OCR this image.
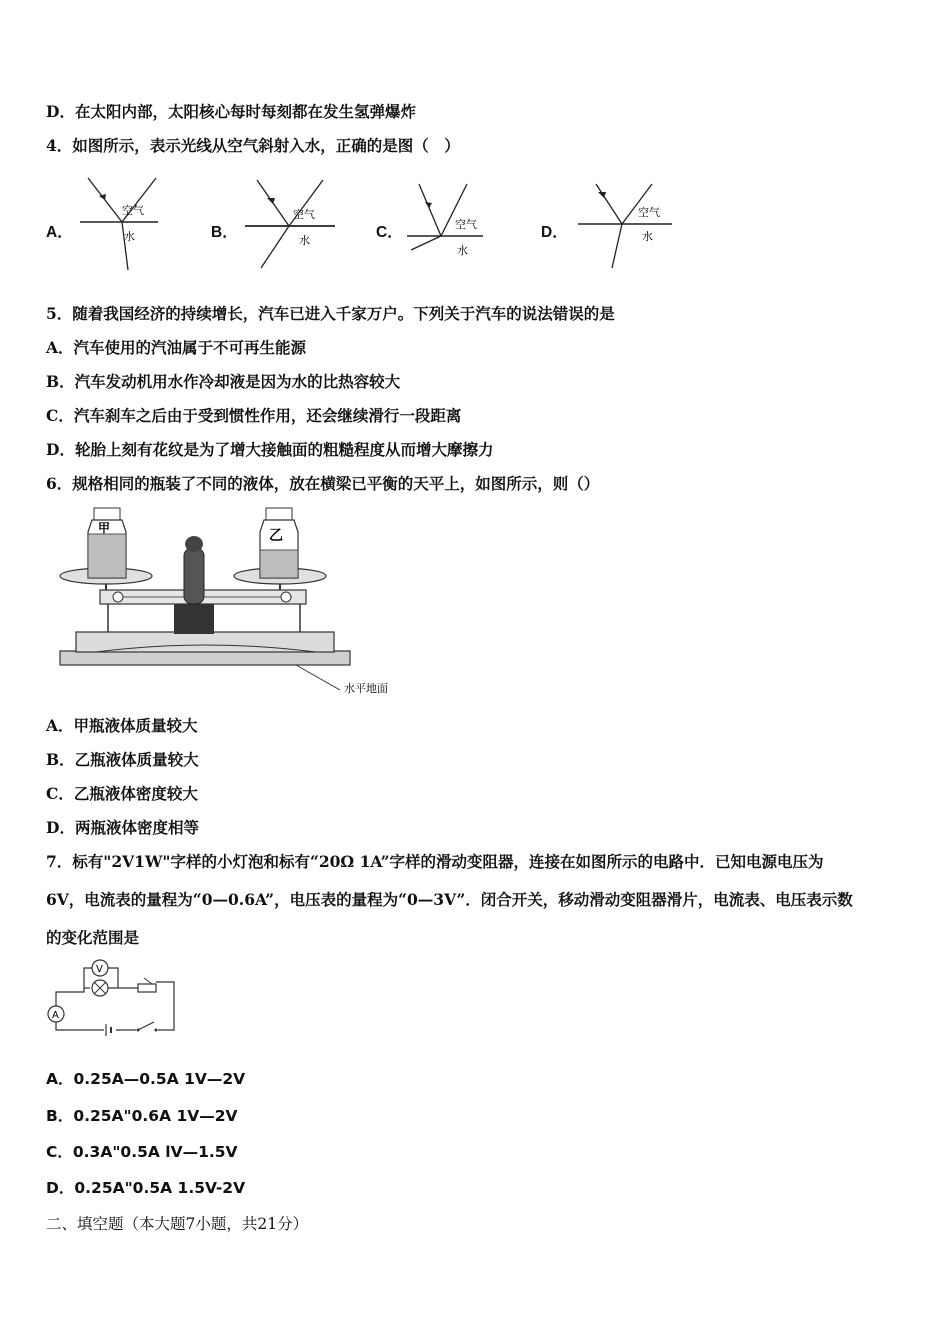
D．在太阳内部，太阳核心每时每刻都在发生氢弹爆炸
4．如图所示，表示光线从空气斜射入水，正确的是图（　）
A．	B．	C．	D．
空气
水
空气
水
空气
水
空气
水
5．随着我国经济的持续增长，汽车已进入千家万户。下列关于汽车的说法错误的是
A．汽车使用的汽油属于不可再生能源
B．汽车发动机用水作冷却液是因为水的比热容较大
C．汽车刹车之后由于受到惯性作用，还会继续滑行一段距离
D．轮胎上刻有花纹是为了增大接触面的粗糙程度从而增大摩擦力
6．规格相同的瓶装了不同的液体，放在横梁已平衡的天平上，如图所示，则（）
甲	乙
水平地面
A．甲瓶液体质量较大
B．乙瓶液体质量较大
C．乙瓶液体密度较大
D．两瓶液体密度相等
7．标有"2V1W"字样的小灯泡和标有“20Ω 1A”字样的滑动变阻器，连接在如图所示的电路中．已知电源电压为
6V，电流表的量程为“0—0.6A”，电压表的量程为“0—3V”．闭合开关，移动滑动变阻器滑片，电流表、电压表示数
的变化范围是
V
A
A．0.25A—0.5A 1V—2V
B．0.25A"0.6A 1V—2V
C．0.3A"0.5A lV—1.5V
D．0.25A"0.5A 1.5V-2V
二、填空题（本大题7小题，共21分）
